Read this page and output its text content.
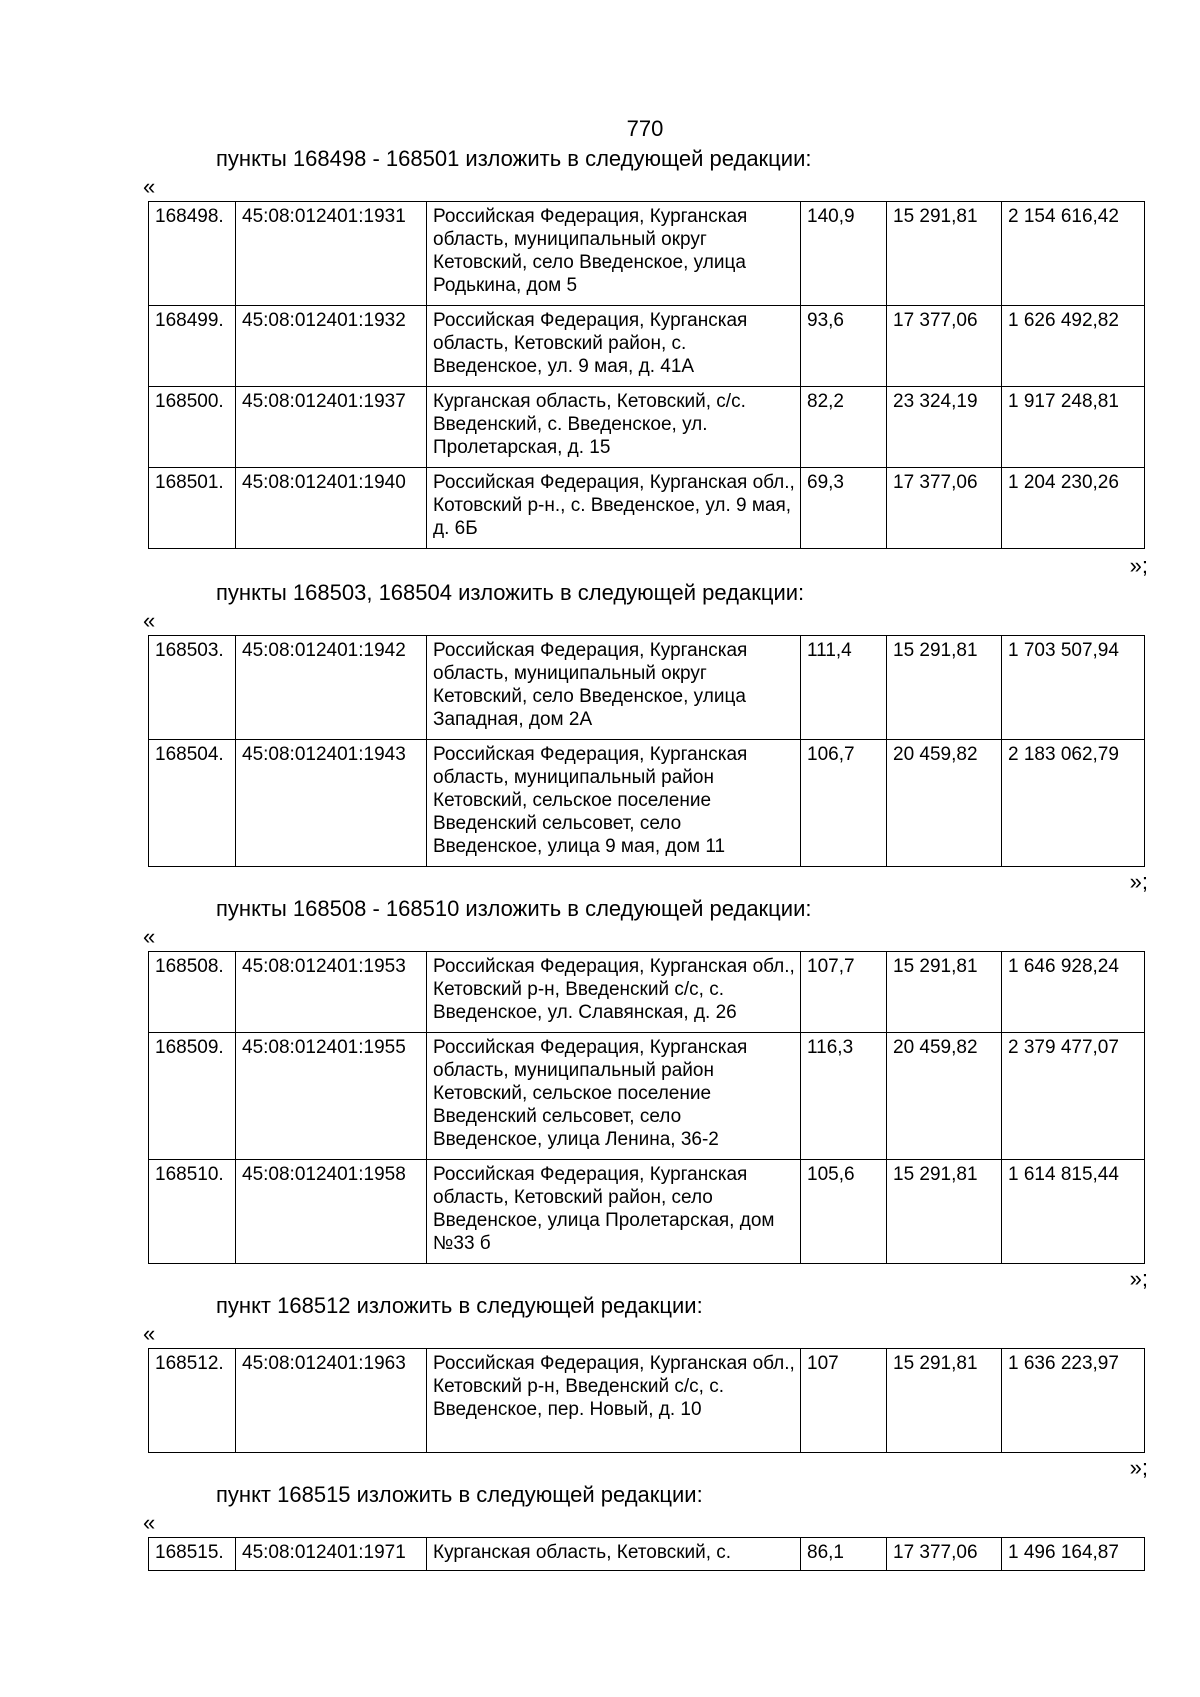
770
пункты 168498 - 168501 изложить в следующей редакции:
«
168498.	45:08:012401:1931	Российская Федерация, Курганская область, муниципальный округ Кетовский, село Введенское, улица Родькина, дом 5	140,9	15 291,81	2 154 616,42
168499.	45:08:012401:1932	Российская Федерация, Курганская область, Кетовский район, с. Введенское, ул. 9 мая, д. 41А	93,6	17 377,06	1 626 492,82
168500.	45:08:012401:1937	Курганская область, Кетовский, с/с. Введенский, с. Введенское, ул. Пролетарская, д. 15	82,2	23 324,19	1 917 248,81
168501.	45:08:012401:1940	Российская Федерация, Курганская обл., Котовский р-н., с. Введенское, ул. 9 мая, д. 6Б	69,3	17 377,06	1 204 230,26
»;
пункты 168503, 168504 изложить в следующей редакции:
«
168503.	45:08:012401:1942	Российская Федерация, Курганская область, муниципальный округ Кетовский, село Введенское, улица Западная, дом 2А	111,4	15 291,81	1 703 507,94
168504.	45:08:012401:1943	Российская Федерация, Курганская область, муниципальный район Кетовский, сельское поселение Введенский сельсовет, село Введенское, улица 9 мая, дом 11	106,7	20 459,82	2 183 062,79
»;
пункты 168508 - 168510 изложить в следующей редакции:
«
168508.	45:08:012401:1953	Российская Федерация, Курганская обл., Кетовский р-н, Введенский с/с, с. Введенское, ул. Славянская, д. 26	107,7	15 291,81	1 646 928,24
168509.	45:08:012401:1955	Российская Федерация, Курганская область, муниципальный район Кетовский, сельское поселение Введенский сельсовет, село Введенское, улица Ленина, 36-2	116,3	20 459,82	2 379 477,07
168510.	45:08:012401:1958	Российская Федерация, Курганская область, Кетовский район, село Введенское, улица Пролетарская, дом №33 б	105,6	15 291,81	1 614 815,44
»;
пункт 168512 изложить в следующей редакции:
«
168512.	45:08:012401:1963	Российская Федерация, Курганская обл., Кетовский р-н, Введенский с/с, с. Введенское, пер. Новый, д. 10	107	15 291,81	1 636 223,97
»;
пункт 168515 изложить в следующей редакции:
«
168515.	45:08:012401:1971	Курганская область, Кетовский, с.	86,1	17 377,06	1 496 164,87
